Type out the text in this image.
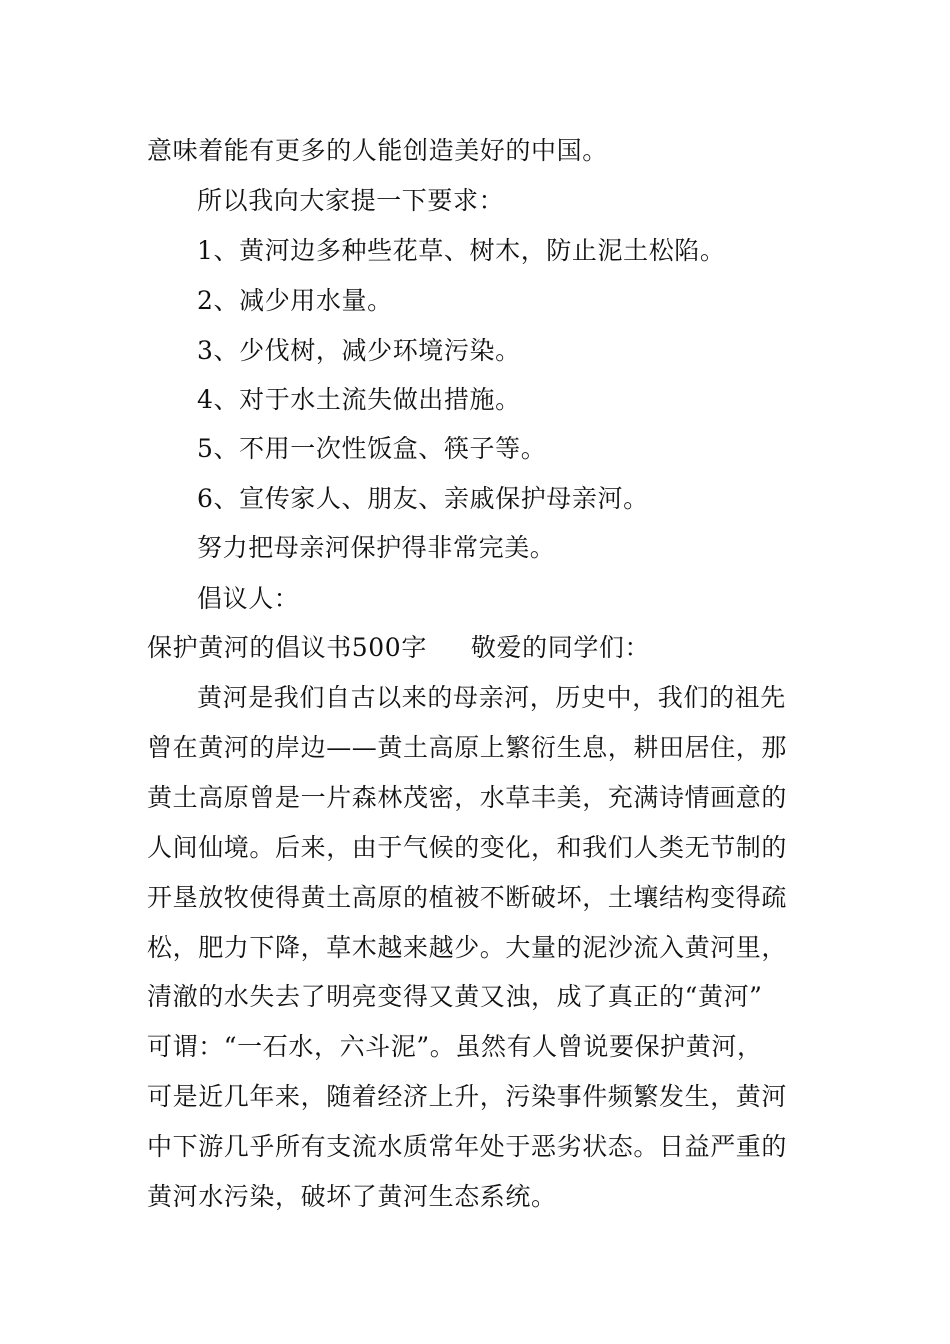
意味着能有更多的人能创造美好的中国。
所以我向大家提一下要求：
1、黄河边多种些花草、树木，防止泥土松陷。
2、减少用水量。
3、少伐树，减少环境污染。
4、对于水土流失做出措施。
5、不用一次性饭盒、筷子等。
6、宣传家人、朋友、亲戚保护母亲河。
努力把母亲河保护得非常完美。
倡议人：
保护黄河的倡议书500字 敬爱的同学们：
黄河是我们自古以来的母亲河，历史中，我们的祖先
曾在黄河的岸边——黄土高原上繁衍生息，耕田居住，那
黄土高原曾是一片森林茂密，水草丰美，充满诗情画意的
人间仙境。后来，由于气候的变化，和我们人类无节制的
开垦放牧使得黄土高原的植被不断破坏，土壤结构变得疏
松，肥力下降，草木越来越少。大量的泥沙流入黄河里，
清澈的水失去了明亮变得又黄又浊，成了真正的“黄河”
可谓：“一石水，六斗泥”。虽然有人曾说要保护黄河，
可是近几年来，随着经济上升，污染事件频繁发生，黄河
中下游几乎所有支流水质常年处于恶劣状态。日益严重的
黄河水污染，破坏了黄河生态系统。
